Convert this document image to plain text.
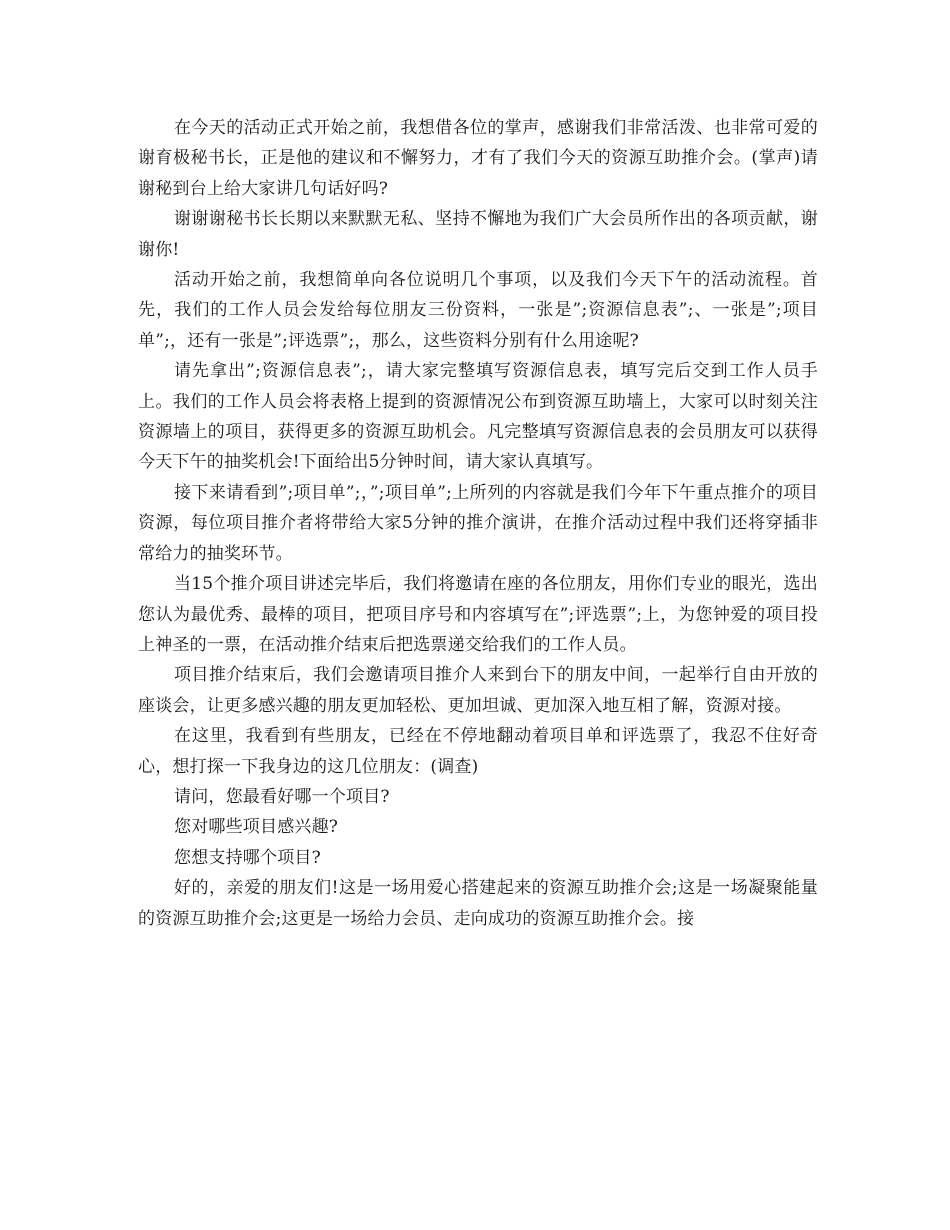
在今天的活动正式开始之前，我想借各位的掌声，感谢我们非常活泼、也非常可爱的谢育极秘书长，正是他的建议和不懈努力，才有了我们今天的资源互助推介会。(掌声)请谢秘到台上给大家讲几句话好吗?

谢谢谢秘书长长期以来默默无私、坚持不懈地为我们广大会员所作出的各项贡献，谢谢你!

活动开始之前，我想简单向各位说明几个事项，以及我们今天下午的活动流程。首先，我们的工作人员会发给每位朋友三份资料，一张是”;资源信息表”;、一张是”;项目单”;，还有一张是”;评选票”;，那么，这些资料分别有什么用途呢?

请先拿出”;资源信息表”;，请大家完整填写资源信息表，填写完后交到工作人员手上。我们的工作人员会将表格上提到的资源情况公布到资源互助墙上，大家可以时刻关注资源墙上的项目，获得更多的资源互助机会。凡完整填写资源信息表的会员朋友可以获得今天下午的抽奖机会!下面给出5分钟时间，请大家认真填写。

接下来请看到”;项目单”;，”;项目单”;上所列的内容就是我们今年下午重点推介的项目资源，每位项目推介者将带给大家5分钟的推介演讲，在推介活动过程中我们还将穿插非常给力的抽奖环节。

当15个推介项目讲述完毕后，我们将邀请在座的各位朋友，用你们专业的眼光，选出您认为最优秀、最棒的项目，把项目序号和内容填写在”;评选票”;上，为您钟爱的项目投上神圣的一票，在活动推介结束后把选票递交给我们的工作人员。

项目推介结束后，我们会邀请项目推介人来到台下的朋友中间，一起举行自由开放的座谈会，让更多感兴趣的朋友更加轻松、更加坦诚、更加深入地互相了解，资源对接。

在这里，我看到有些朋友，已经在不停地翻动着项目单和评选票了，我忍不住好奇心，想打探一下我身边的这几位朋友：(调查)

请问，您最看好哪一个项目?

您对哪些项目感兴趣?

您想支持哪个项目?

好的，亲爱的朋友们!这是一场用爱心搭建起来的资源互助推介会;这是一场凝聚能量的资源互助推介会;这更是一场给力会员、走向成功的资源互助推介会。接
